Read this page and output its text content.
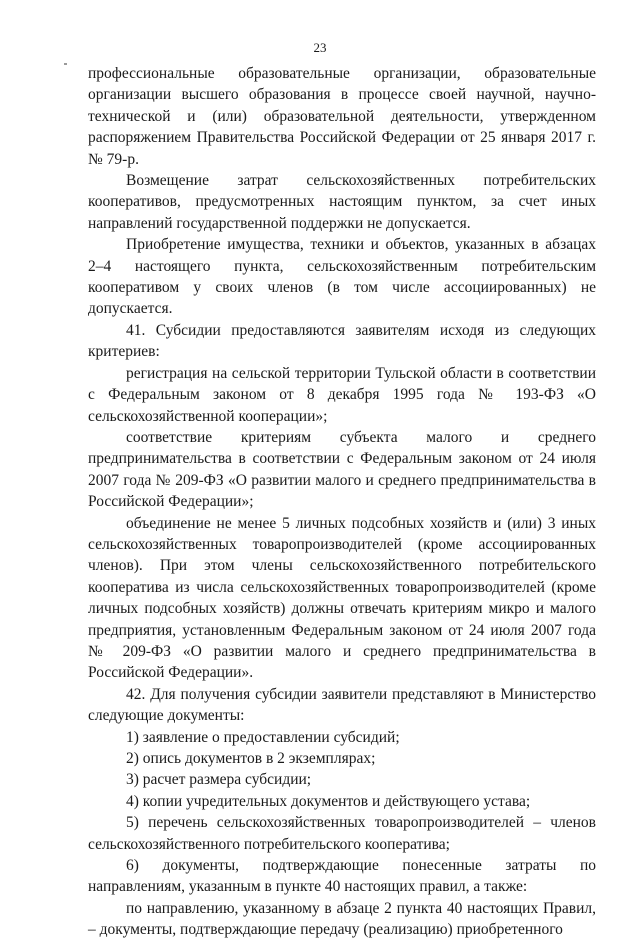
23

профессиональные образовательные организации, образовательные организации высшего образования в процессе своей научной, научно-технической и (или) образовательной деятельности, утвержденном распоряжением Правительства Российской Федерации от 25 января 2017 г. № 79-р.

Возмещение затрат сельскохозяйственных потребительских кооперативов, предусмотренных настоящим пунктом, за счет иных направлений государственной поддержки не допускается.

Приобретение имущества, техники и объектов, указанных в абзацах 2–4 настоящего пункта, сельскохозяйственным потребительским кооперативом у своих членов (в том числе ассоциированных) не допускается.

41. Субсидии предоставляются заявителям исходя из следующих критериев:

регистрация на сельской территории Тульской области в соответствии с Федеральным законом от 8 декабря 1995 года № 193-ФЗ «О сельскохозяйственной кооперации»;

соответствие критериям субъекта малого и среднего предпринимательства в соответствии с Федеральным законом от 24 июля 2007 года № 209-ФЗ «О развитии малого и среднего предпринимательства в Российской Федерации»;

объединение не менее 5 личных подсобных хозяйств и (или) 3 иных сельскохозяйственных товаропроизводителей (кроме ассоциированных членов). При этом члены сельскохозяйственного потребительского кооператива из числа сельскохозяйственных товаропроизводителей (кроме личных подсобных хозяйств) должны отвечать критериям микро и малого предприятия, установленным Федеральным законом от 24 июля 2007 года № 209-ФЗ «О развитии малого и среднего предпринимательства в Российской Федерации».

42. Для получения субсидии заявители представляют в Министерство следующие документы:

1) заявление о предоставлении субсидий;

2) опись документов в 2 экземплярах;

3) расчет размера субсидии;

4) копии учредительных документов и действующего устава;

5) перечень сельскохозяйственных товаропроизводителей – членов сельскохозяйственного потребительского кооператива;

6) документы, подтверждающие понесенные затраты по направлениям, указанным в пункте 40 настоящих правил, а также:

по направлению, указанному в абзаце 2 пункта 40 настоящих Правил, – документы, подтверждающие передачу (реализацию) приобретенного
